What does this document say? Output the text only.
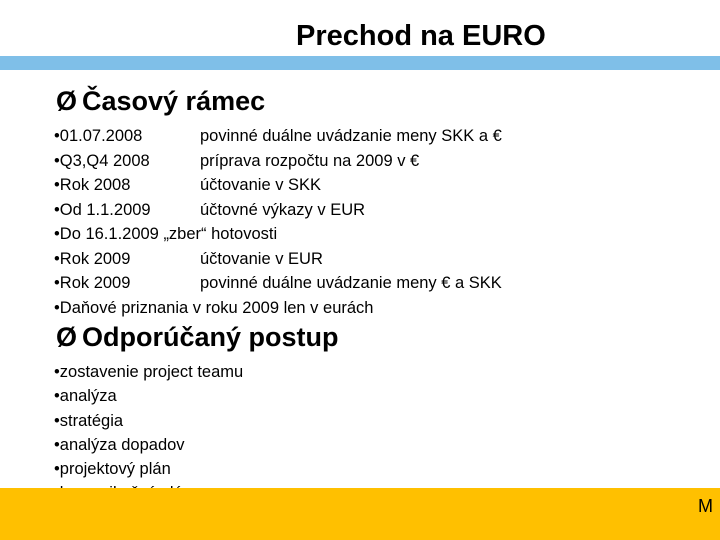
Prechod na EURO
Ø Časový rámec
•01.07.2008	povinné duálne uvádzanie meny SKK a €
•Q3,Q4 2008	príprava rozpočtu na 2009 v €
•Rok 2008	účtovanie v SKK
•Od 1.1.2009	účtovné výkazy v EUR
•Do 16.1.2009 „zber“ hotovosti
•Rok 2009	účtovanie v EUR
•Rok 2009	povinné duálne uvádzanie meny € a SKK
•Daňové priznania v roku 2009 len v eurách
Ø Odporúčaný postup
•zostavenie project teamu
•analýza
•stratégia
•analýza dopadov
•projektový plán
M
